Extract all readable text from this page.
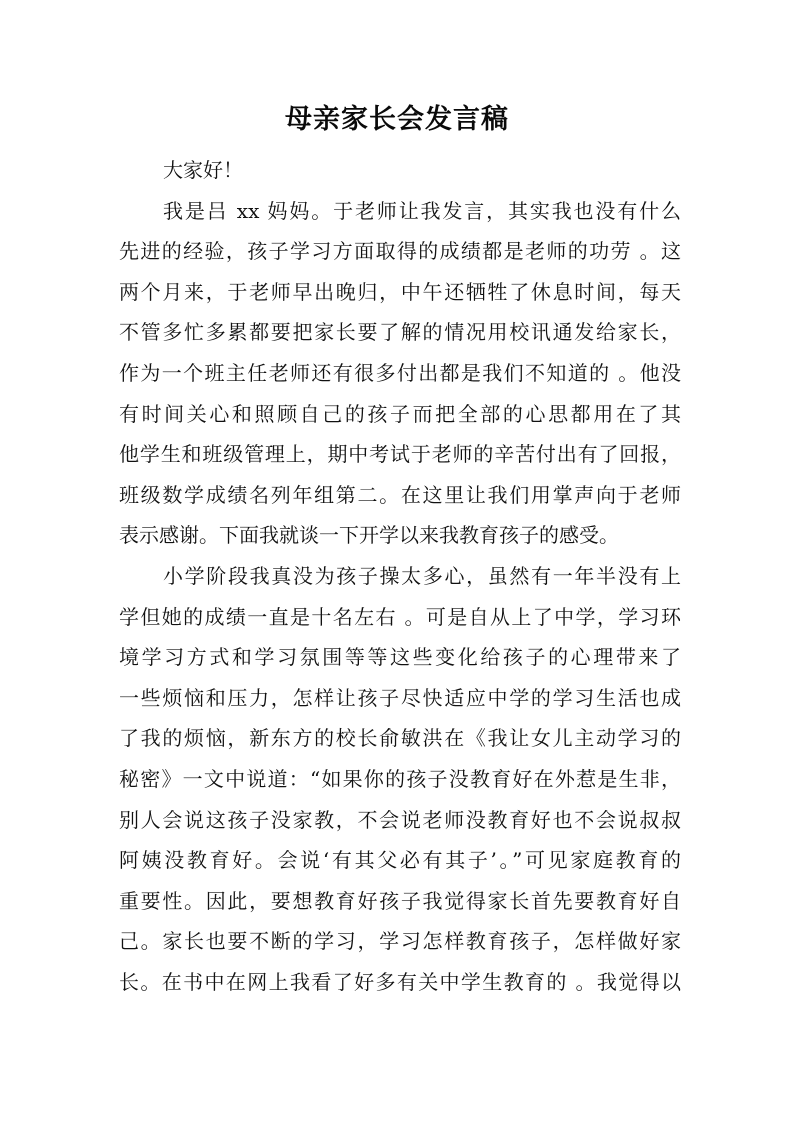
母亲家长会发言稿
大家好！
我是吕 xx 妈妈。于老师让我发言，其实我也没有什么
先进的经验，孩子学习方面取得的成绩都是老师的功劳 。这
两个月来，于老师早出晚归，中午还牺牲了休息时间，每天
不管多忙多累都要把家长要了解的情况用校讯通发给家长，
作为一个班主任老师还有很多付出都是我们不知道的 。他没
有时间关心和照顾自己的孩子而把全部的心思都用在了其
他学生和班级管理上，期中考试于老师的辛苦付出有了回报，
班级数学成绩名列年组第二。在这里让我们用掌声向于老师
表示感谢。下面我就谈一下开学以来我教育孩子的感受。
小学阶段我真没为孩子操太多心，虽然有一年半没有上
学但她的成绩一直是十名左右 。可是自从上了中学，学习环
境学习方式和学习氛围等等这些变化给孩子的心理带来了
一些烦恼和压力，怎样让孩子尽快适应中学的学习生活也成
了我的烦恼，新东方的校长俞敏洪在《我让女儿主动学习的
秘密》一文中说道：“如果你的孩子没教育好在外惹是生非，
别人会说这孩子没家教，不会说老师没教育好也不会说叔叔
阿姨没教育好。会说‘有其父必有其子’。”可见家庭教育的
重要性。因此，要想教育好孩子我觉得家长首先要教育好自
己。家长也要不断的学习，学习怎样教育孩子，怎样做好家
长。在书中在网上我看了好多有关中学生教育的 。我觉得以
